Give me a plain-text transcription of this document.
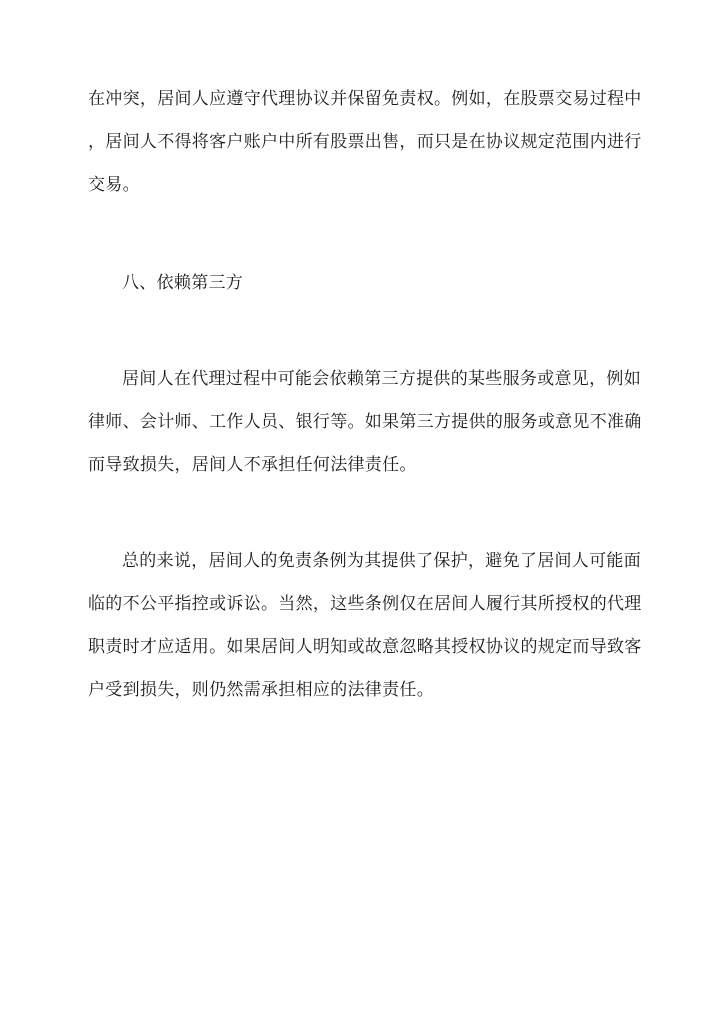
在冲突，居间人应遵守代理协议并保留免责权。例如，在股票交易过程中
，居间人不得将客户账户中所有股票出售，而只是在协议规定范围内进行
交易。
八、依赖第三方
居间人在代理过程中可能会依赖第三方提供的某些服务或意见，例如
律师、会计师、工作人员、银行等。如果第三方提供的服务或意见不准确
而导致损失，居间人不承担任何法律责任。
总的来说，居间人的免责条例为其提供了保护，避免了居间人可能面
临的不公平指控或诉讼。当然，这些条例仅在居间人履行其所授权的代理
职责时才应适用。如果居间人明知或故意忽略其授权协议的规定而导致客
户受到损失，则仍然需承担相应的法律责任。
